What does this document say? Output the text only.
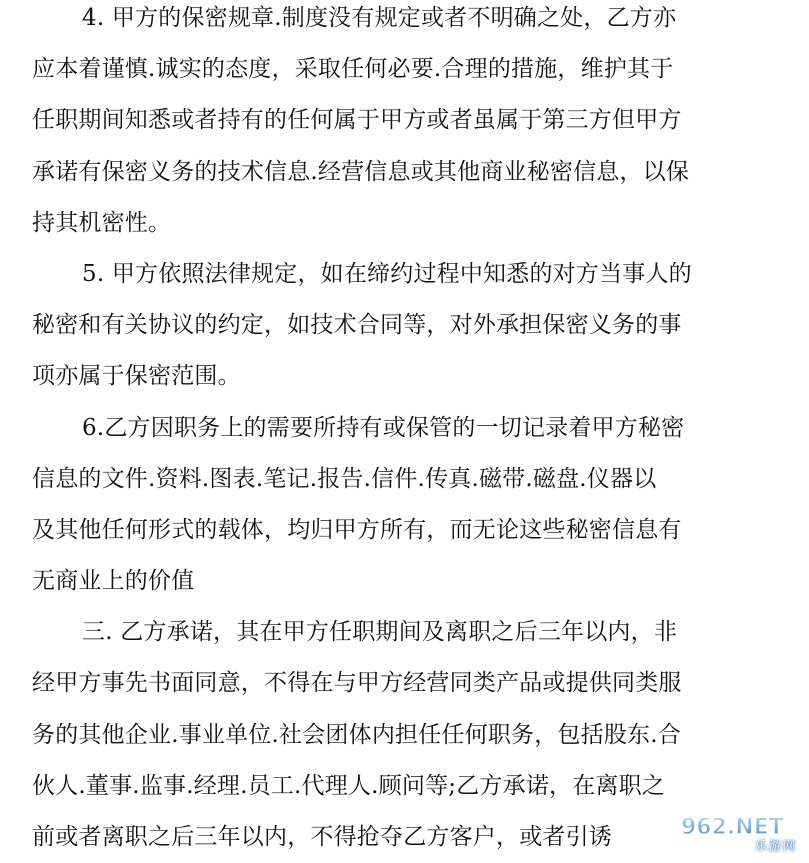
4. 甲方的保密规章.制度没有规定或者不明确之处，乙方亦
应本着谨慎.诚实的态度，采取任何必要.合理的措施，维护其于
任职期间知悉或者持有的任何属于甲方或者虽属于第三方但甲方
承诺有保密义务的技术信息.经营信息或其他商业秘密信息，以保
持其机密性。
5. 甲方依照法律规定，如在缔约过程中知悉的对方当事人的
秘密和有关协议的约定，如技术合同等，对外承担保密义务的事
项亦属于保密范围。
6.乙方因职务上的需要所持有或保管的一切记录着甲方秘密
信息的文件.资料.图表.笔记.报告.信件.传真.磁带.磁盘.仪器以
及其他任何形式的载体，均归甲方所有，而无论这些秘密信息有
无商业上的价值
三. 乙方承诺，其在甲方任职期间及离职之后三年以内，非
经甲方事先书面同意，不得在与甲方经营同类产品或提供同类服
务的其他企业.事业单位.社会团体内担任任何职务，包括股东.合
伙人.董事.监事.经理.员工.代理人.顾问等;乙方承诺，在离职之
前或者离职之后三年以内，不得抢夺乙方客户，或者引诱	962.NET
乐游网
